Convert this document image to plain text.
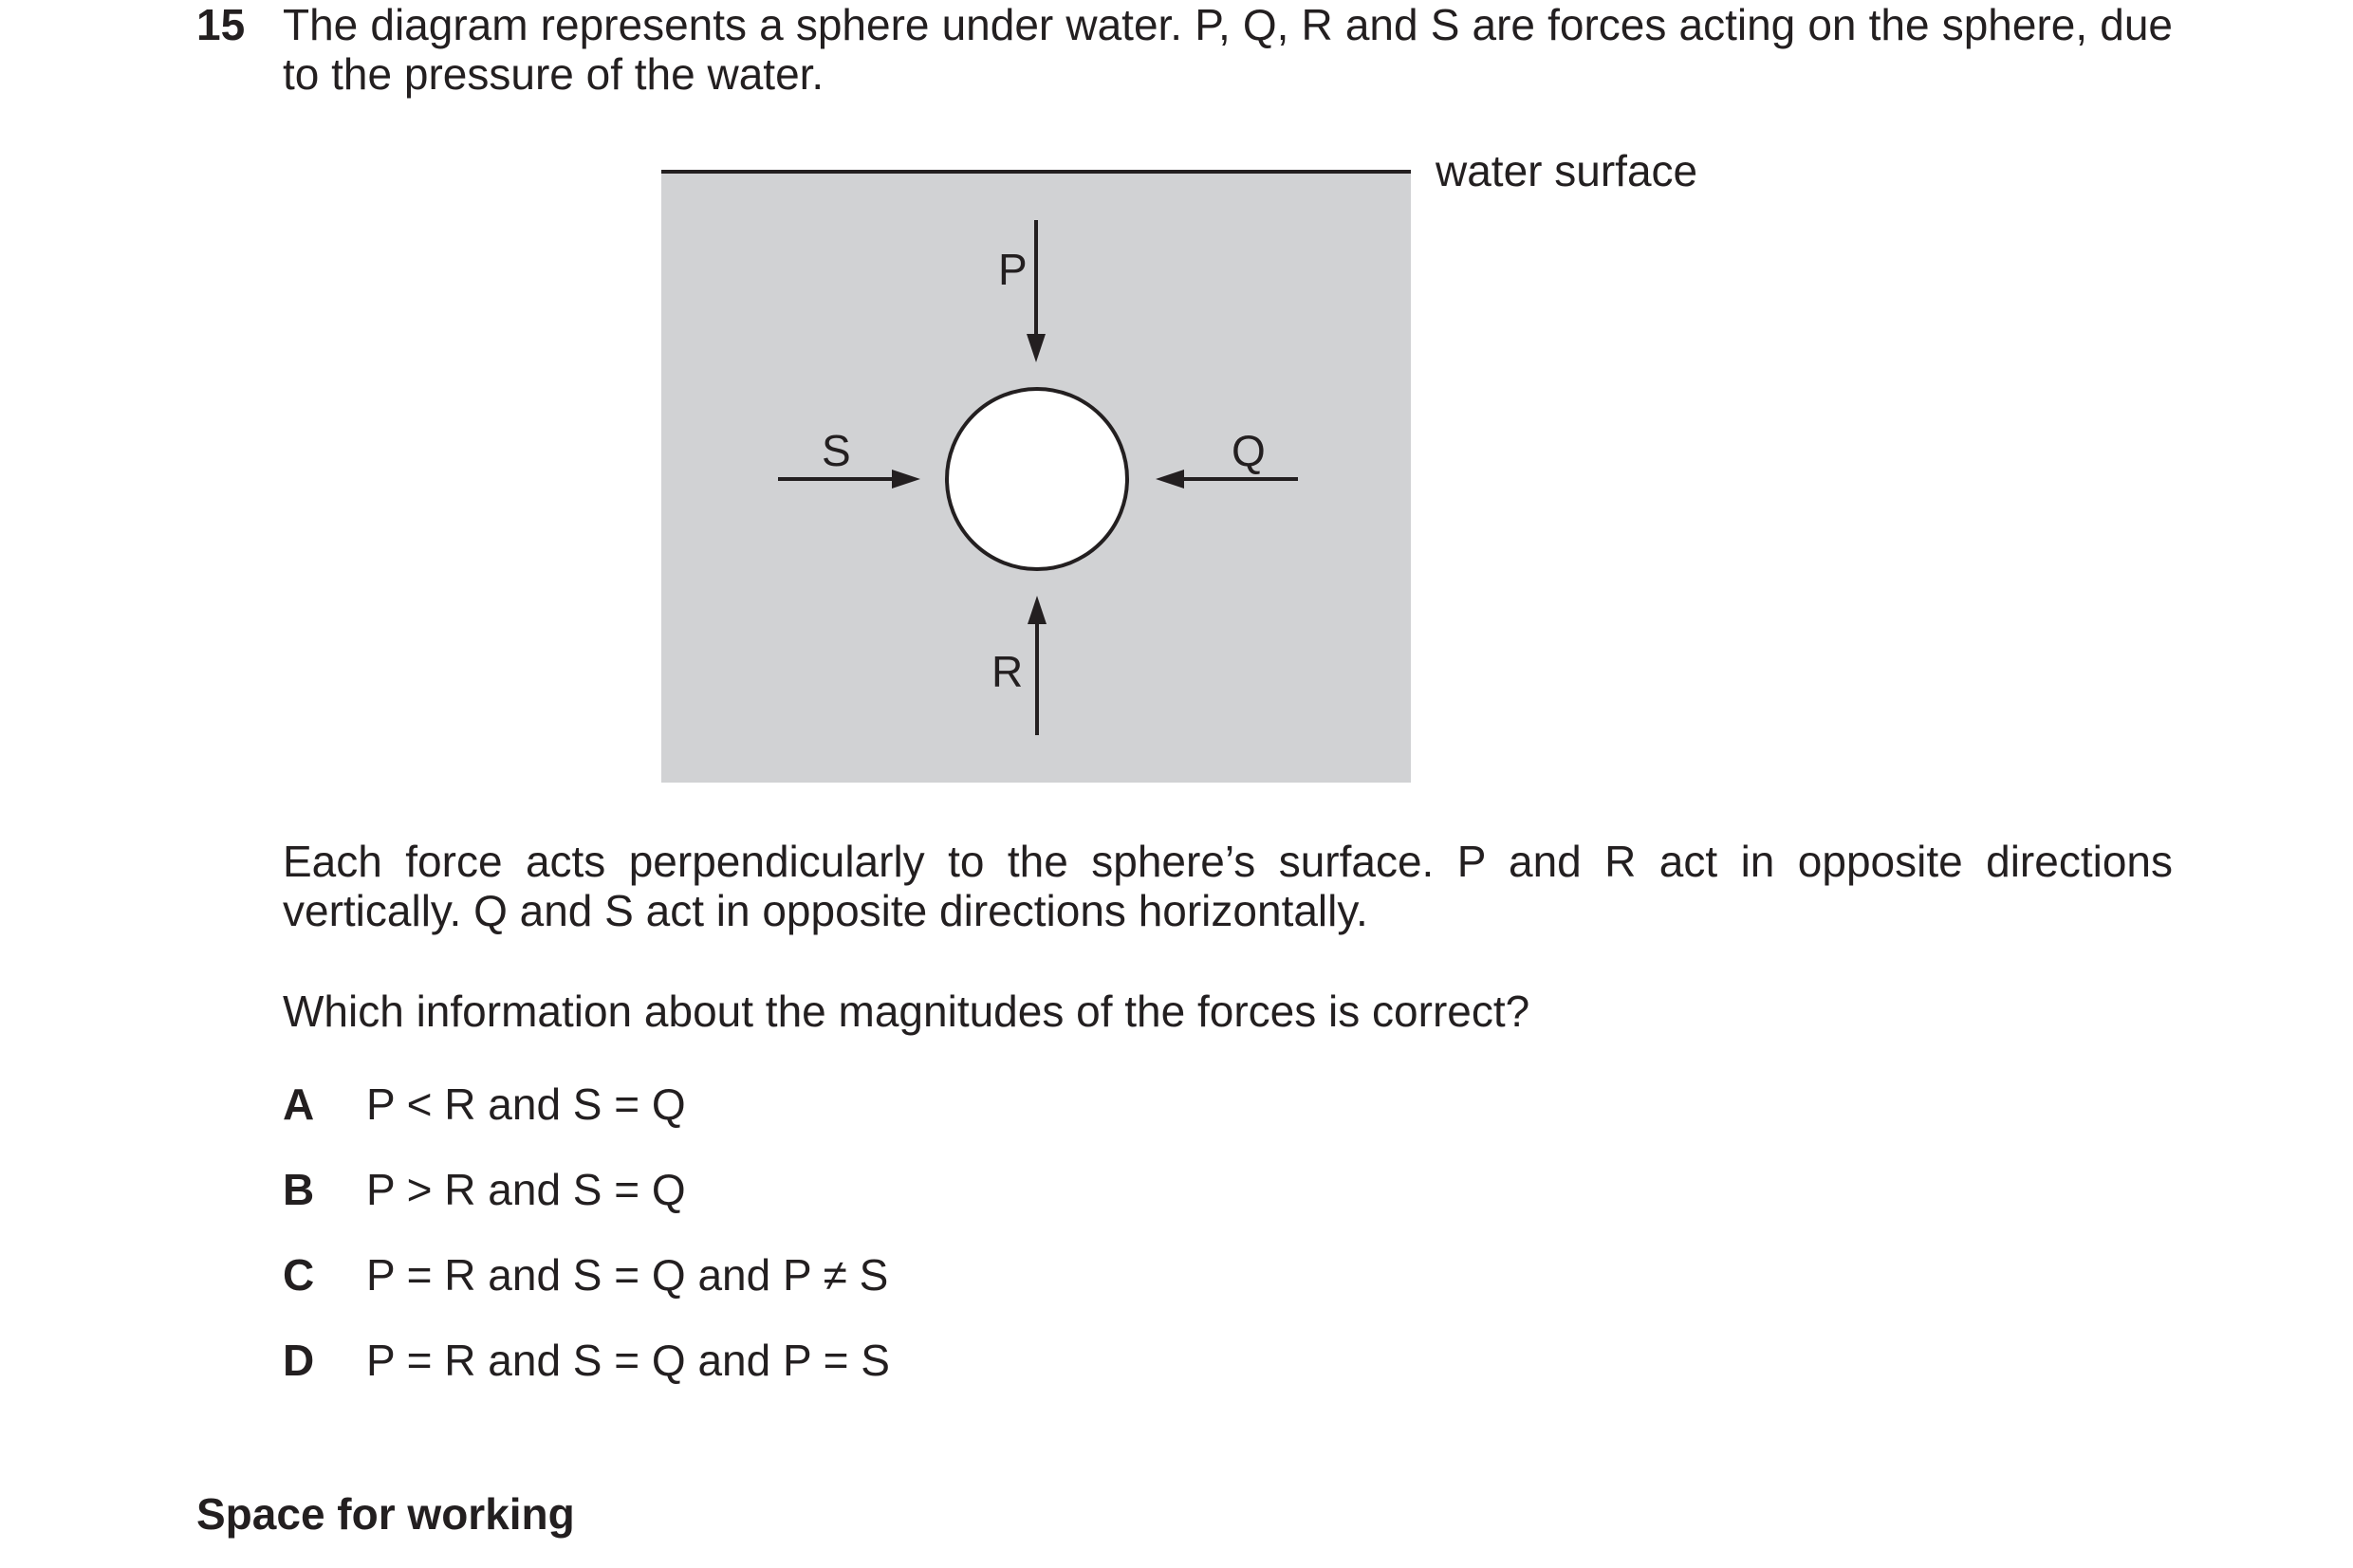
15 The diagram represents a sphere under water. P, Q, R and S are forces acting on the sphere, due to the pressure of the water.
water surface
P
R
S	Q
Each force acts perpendicularly to the sphere’s surface. P and R act in opposite directions vertically. Q and S act in opposite directions horizontally.
Which information about the magnitudes of the forces is correct?
A	P < R and S = Q
B	P > R and S = Q
C	P = R and S = Q and P ≠ S
D	P = R and S = Q and P = S
Space for working
